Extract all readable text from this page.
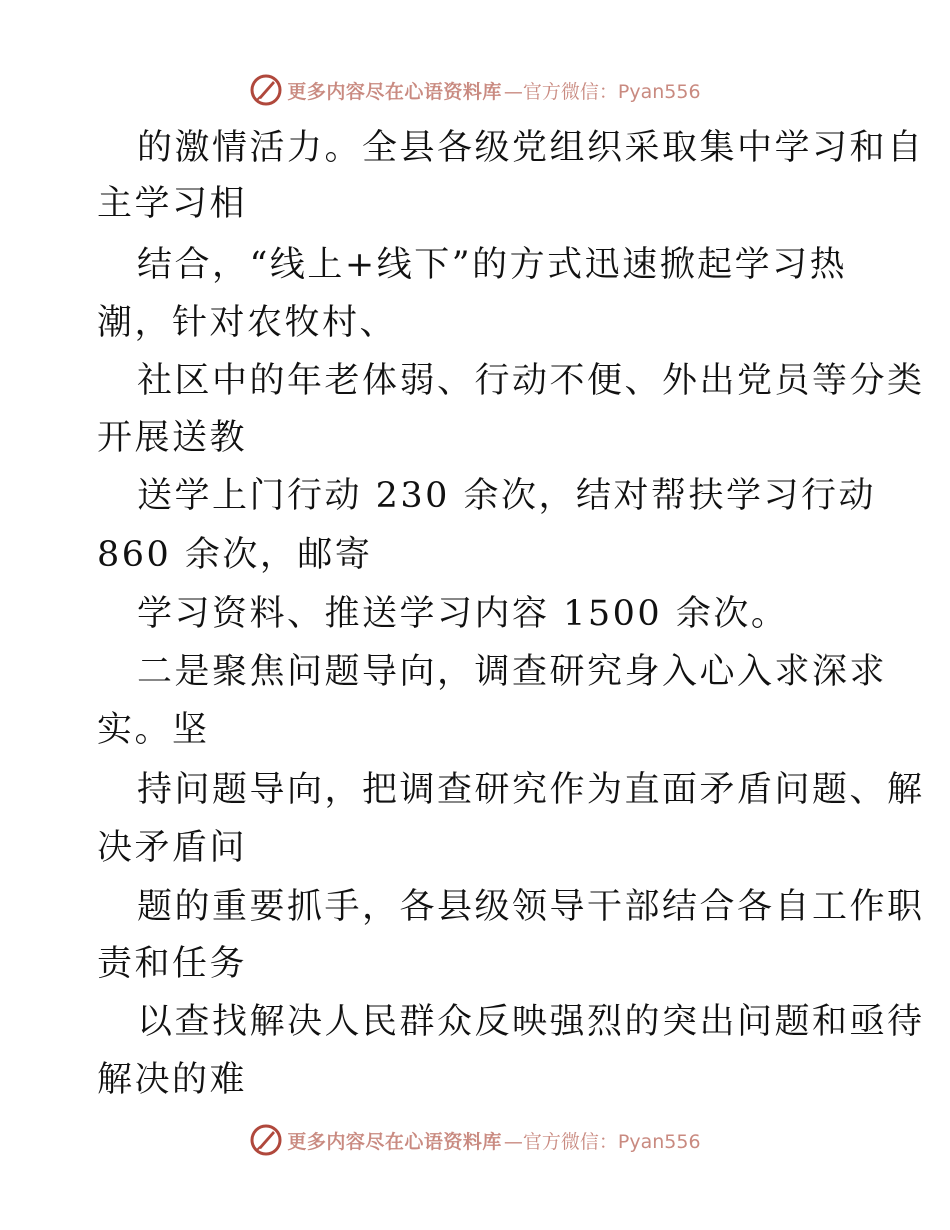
更多内容尽在心语资料库 —官方微信：Pyan556
的激情活力。全县各级党组织采取集中学习和自
主学习相
结合，“线上+线下”的方式迅速掀起学习热
潮，针对农牧村、
社区中的年老体弱、行动不便、外出党员等分类
开展送教
送学上门行动 230 余次，结对帮扶学习行动
860 余次，邮寄
学习资料、推送学习内容 1500 余次。
二是聚焦问题导向，调查研究身入心入求深求
实。坚
持问题导向，把调查研究作为直面矛盾问题、解
决矛盾问
题的重要抓手，各县级领导干部结合各自工作职
责和任务
以查找解决人民群众反映强烈的突出问题和亟待
解决的难
更多内容尽在心语资料库 —官方微信：Pyan556
